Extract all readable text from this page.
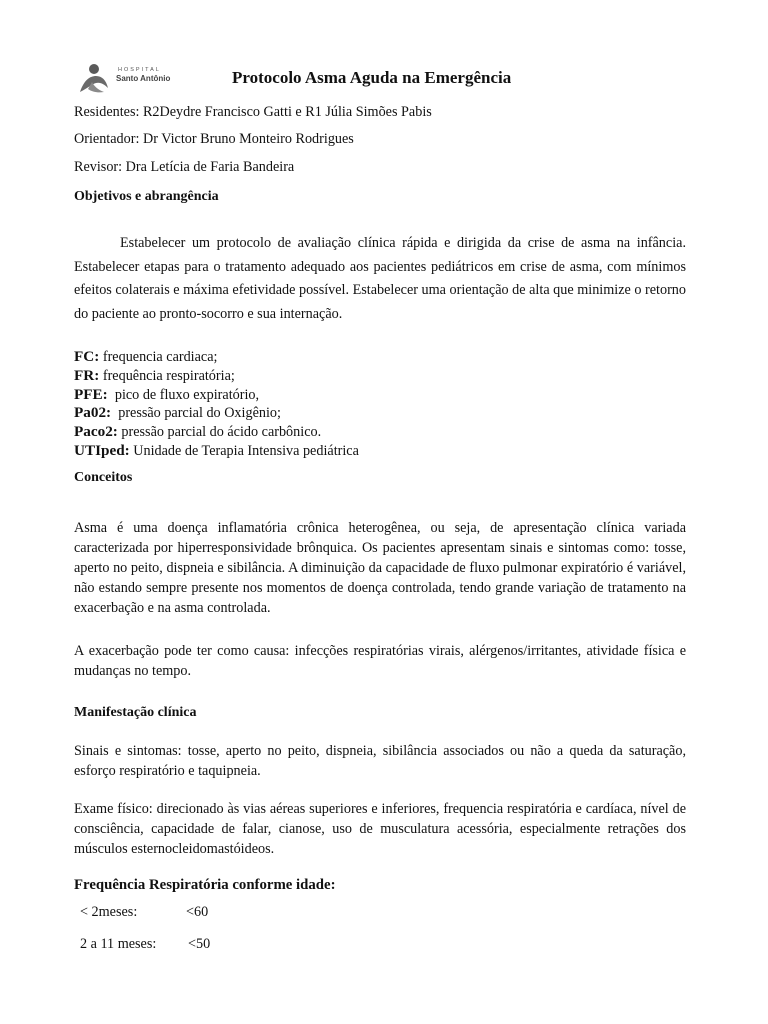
HOSPITAL
Santo Antônio	Protocolo Asma Aguda na Emergência
Residentes: R2Deydre Francisco Gatti e R1 Júlia Simões Pabis
Orientador: Dr Victor Bruno Monteiro Rodrigues
Revisor: Dra Letícia de Faria Bandeira
Objetivos e abrangência
Estabelecer um protocolo de avaliação clínica rápida e dirigida da crise de asma na infância. Estabelecer etapas para o tratamento adequado aos pacientes pediátricos em crise de asma, com mínimos efeitos colaterais e máxima efetividade possível. Estabelecer uma orientação de alta que minimize o retorno do paciente ao pronto-socorro e sua internação.
FC: frequencia cardiaca;
FR: frequência respiratória;
PFE:  pico de fluxo expiratório,
Pa02:  pressão parcial do Oxigênio;
Paco2: pressão parcial do ácido carbônico.
UTIped: Unidade de Terapia Intensiva pediátrica
Conceitos
Asma é uma doença inflamatória crônica heterogênea, ou seja, de apresentação clínica variada caracterizada por hiperresponsividade brônquica. Os pacientes apresentam sinais e sintomas como: tosse, aperto no peito, dispneia e sibilância. A diminuição da capacidade de fluxo pulmonar expiratório é variável, não estando sempre presente nos momentos de doença controlada, tendo grande variação de tratamento na exacerbação e na asma controlada.
A exacerbação pode ter como causa: infecções respiratórias virais, alérgenos/irritantes, atividade física e mudanças no tempo.
Manifestação clínica
Sinais e sintomas: tosse, aperto no peito, dispneia, sibilância associados ou não a queda da saturação, esforço respiratório e taquipneia.
Exame físico: direcionado às vias aéreas superiores e inferiores, frequencia respiratória e cardíaca, nível de consciência, capacidade de falar, cianose, uso de musculatura acessória, especialmente retrações dos músculos esternocleidomastóideos.
Frequência Respiratória conforme idade:
< 2meses:	<60
2 a 11 meses: <50
